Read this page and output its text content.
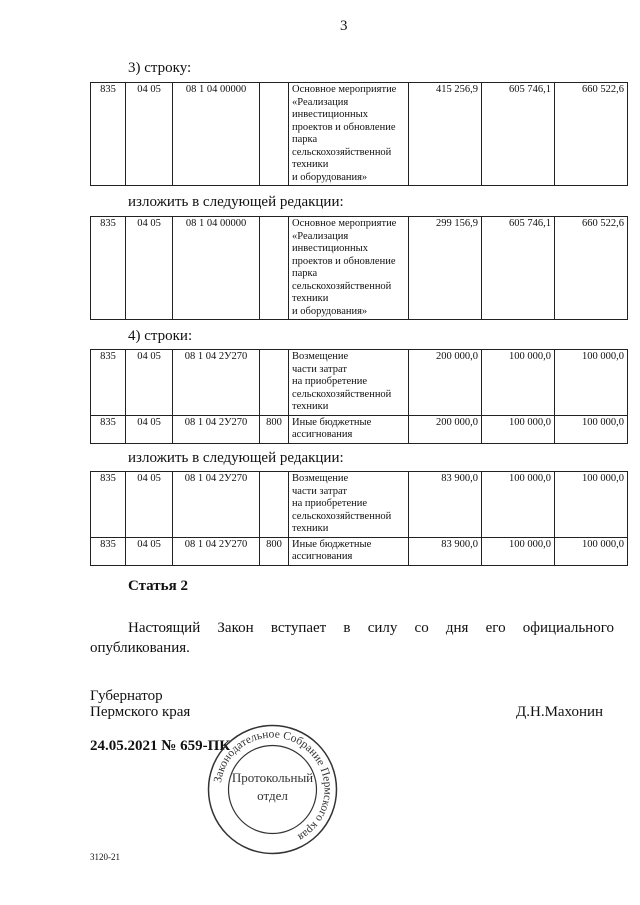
3
3) строку:
835	04 05	08 1 04 00000		Основное мероприятие
«Реализация
инвестиционных
проектов и обновление
парка
сельскохозяйственной
техники
и оборудования»	415 256,9	605 746,1	660 522,6
изложить в следующей редакции:
835	04 05	08 1 04 00000		Основное мероприятие
«Реализация
инвестиционных
проектов и обновление
парка
сельскохозяйственной
техники
и оборудования»	299 156,9	605 746,1	660 522,6
4) строки:
835	04 05	08 1 04 2У270		Возмещение
части затрат
на приобретение
сельскохозяйственной
техники	200 000,0	100 000,0	100 000,0
835	04 05	08 1 04 2У270	800	Иные бюджетные
ассигнования	200 000,0	100 000,0	100 000,0
изложить в следующей редакции:
835	04 05	08 1 04 2У270		Возмещение
части затрат
на приобретение
сельскохозяйственной
техники	83 900,0	100 000,0	100 000,0
835	04 05	08 1 04 2У270	800	Иные бюджетные
ассигнования	83 900,0	100 000,0	100 000,0
Статья 2
Настоящий Закон вступает в силу со дня его официального
опубликования.
Губернатор
Пермского края	Д.Н.Махонин
24.05.2021 № 659-ПК
Законодательное Собрание Пермского края
Протокольный
отдел
3120-21
